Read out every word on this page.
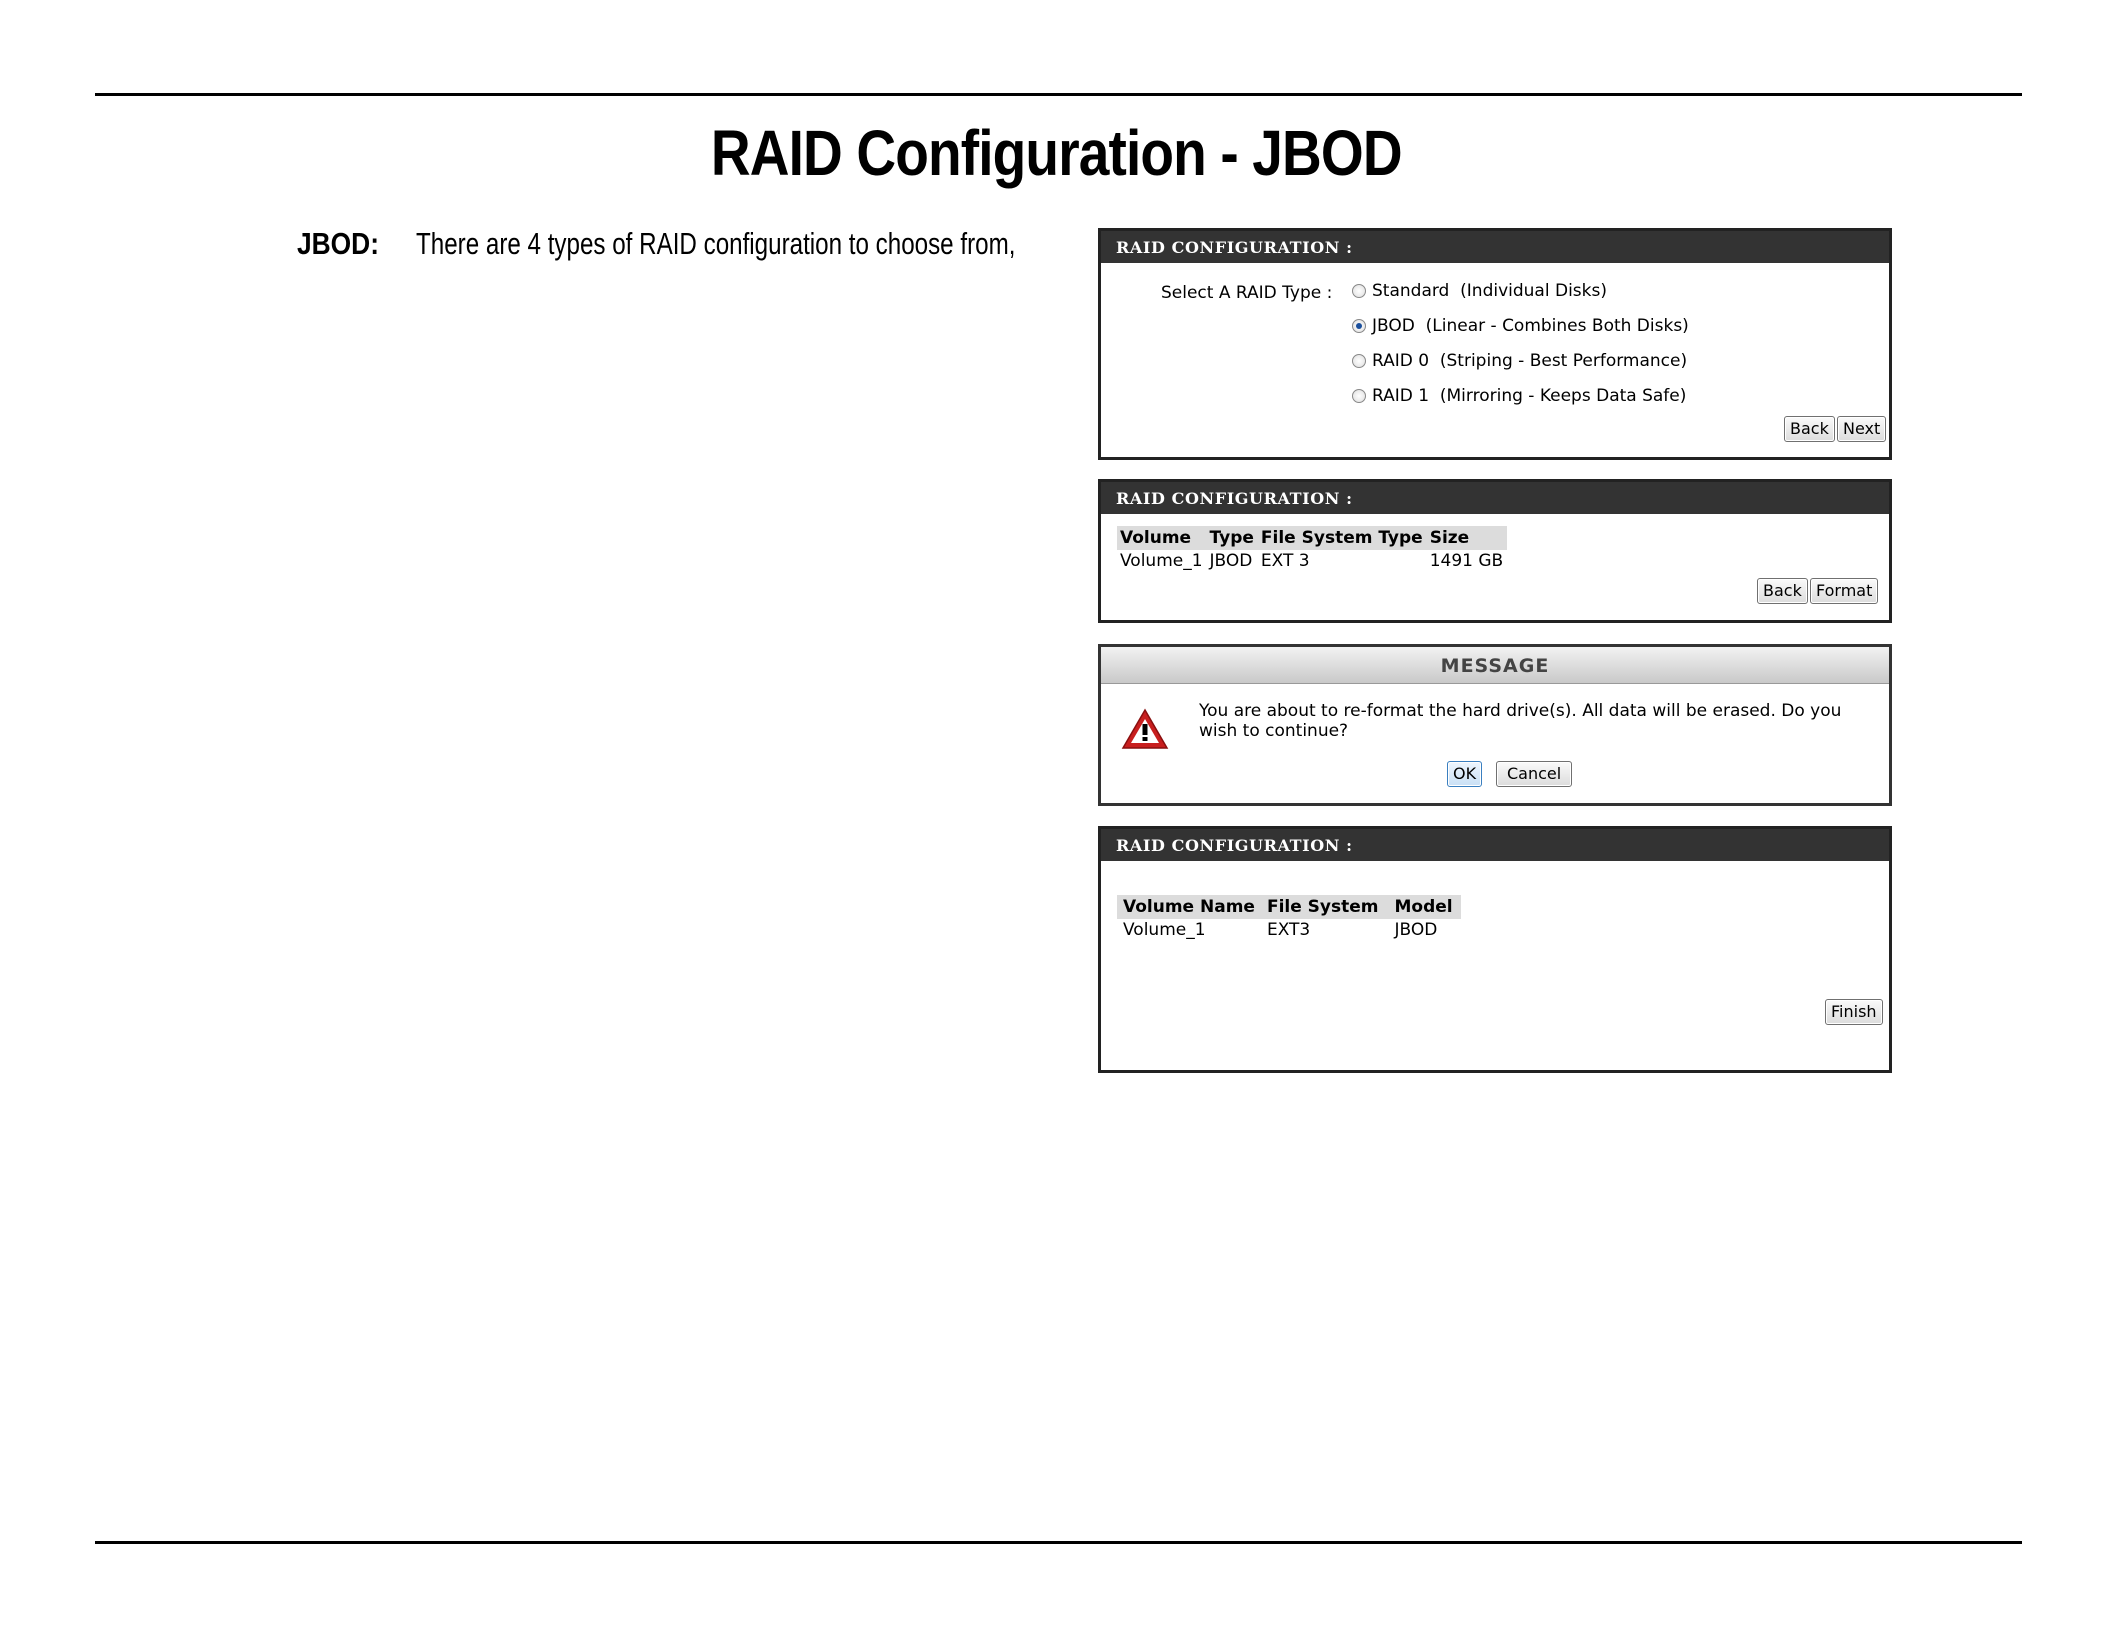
RAID Configuration - JBOD
JBOD: There are 4 types of RAID configuration to choose from,	RAID CONFIGURATION :
Select A RAID Type : Standard  (Individual Disks)
JBOD  (Linear - Combines Both Disks)
RAID 0  (Striping - Best Performance)
RAID 1  (Mirroring - Keeps Data Safe)
Back Next
RAID CONFIGURATION :
Volume	Type	File System Type	Size
Volume_1	JBOD	EXT 3	1491 GB
Back Format
MESSAGE
You are about to re-format the hard drive(s). All data will be erased. Do you wish to continue?
OK	Cancel
RAID CONFIGURATION :
Volume Name	File System	Model
Volume_1	EXT3	JBOD
Finish
